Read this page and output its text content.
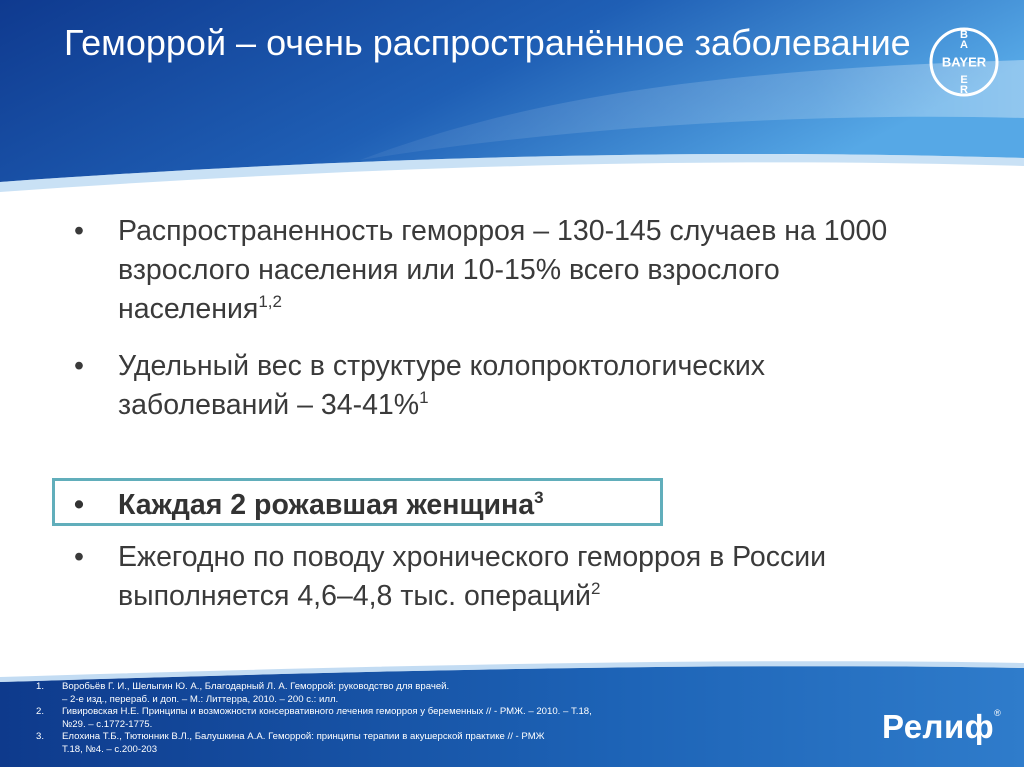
Геморрой – очень распространённое заболевание	BAYER
B
A
E
R
•	Распространенность геморроя – 130-145 случаев на 1000
взрослого населения или 10-15% всего взрослого
населения$^{1,2}$
•	Удельный вес в структуре колопроктологических
заболеваний – 34-41%$^1$
•	Каждая 2 рожавшая женщина$^3$
•	Ежегодно по поводу хронического геморроя в России
выполняется 4,6–4,8 тыс. операций$^2$
1. Воробьёв Г. И., Шелыгин Ю. А., Благодарный Л. А. Геморрой: руководство для врачей.
– 2-е изд., перераб. и доп. – М.: Литтерра, 2010. – 200 с.: илл.
2. Гивировская Н.Е. Принципы и возможности консервативного лечения геморроя у беременных // - РМЖ. – 2010. – Т.18,
№29. – с.1772-1775.
3. Елохина Т.Б., Тютюнник В.Л., Балушкина А.А. Геморрой: принципы терапии в акушерской практике // - РМЖ
Т.18, №4. – с.200-203
Релиф®
